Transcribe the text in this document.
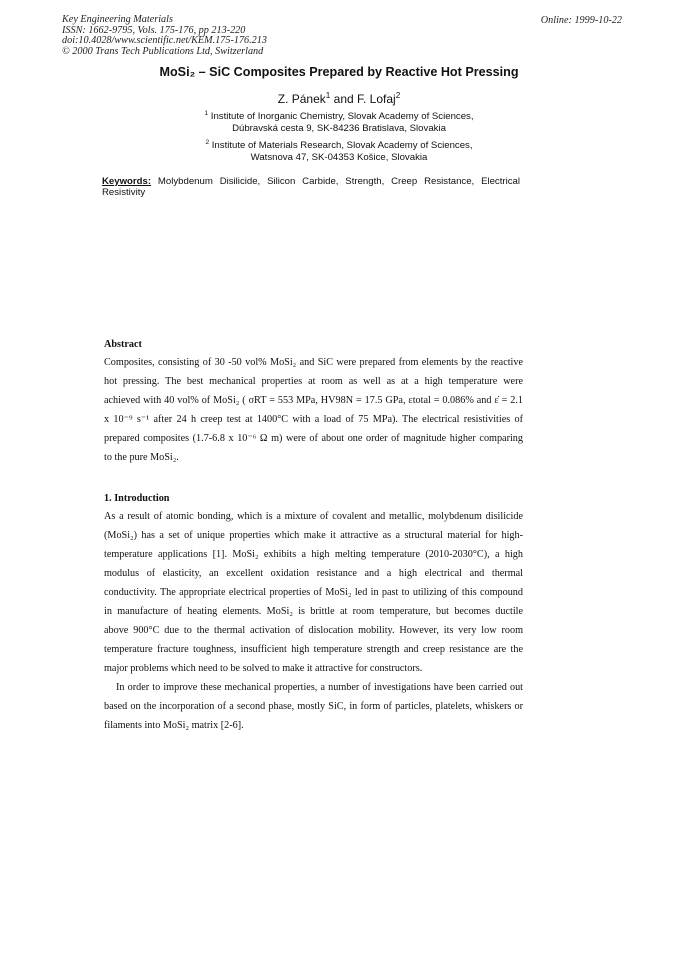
Key Engineering Materials
ISSN: 1662-9795, Vols. 175-176, pp 213-220
doi:10.4028/www.scientific.net/KEM.175-176.213
© 2000 Trans Tech Publications Ltd, Switzerland
Online: 1999-10-22
MoSi₂ – SiC Composites Prepared by Reactive Hot Pressing
Z. Pánek$^1$ and F. Lofaj$^2$
$^1$ Institute of Inorganic Chemistry, Slovak Academy of Sciences,
Dúbravská cesta 9, SK-84236 Bratislava, Slovakia
$^2$ Institute of Materials Research, Slovak Academy of Sciences,
Watsnova 47, SK-04353 Košice, Slovakia
Keywords: Molybdenum Disilicide, Silicon Carbide, Strength, Creep Resistance, Electrical
Resistivity
Abstract
Composites, consisting of 30 -50 vol% MoSi₂ and SiC were prepared from elements by the reactive
hot pressing. The best mechanical properties at room as well as at a high temperature were
achieved with 40 vol% of MoSi₂ ( σRT = 553 MPa, HV98N = 17.5 GPa, εtotal = 0.086% and ε̇ = 2.1
x 10⁻⁹ s⁻¹ after 24 h creep test at 1400°C with a load of 75 MPa). The electrical resistivities of
prepared composites (1.7-6.8 x 10⁻⁶ Ω m) were of about one order of magnitude higher comparing
to the pure MoSi₂.
1. Introduction
As a result of atomic bonding, which is a mixture of covalent and metallic, molybdenum disilicide
(MoSi₂) has a set of unique properties which make it attractive as a structural material for high-
temperature applications [1]. MoSi₂ exhibits a high melting temperature (2010-2030°C), a high
modulus of elasticity, an excellent oxidation resistance and a high electrical and thermal
conductivity. The appropriate electrical properties of MoSi₂ led in past to utilizing of this compound
in manufacture of heating elements. MoSi₂ is brittle at room temperature, but becomes ductile
above 900°C due to the thermal activation of dislocation mobility. However, its very low room
temperature fracture toughness, insufficient high temperature strength and creep resistance are the
major problems which need to be solved to make it attractive for constructors.
In order to improve these mechanical properties, a number of investigations have been carried out
based on the incorporation of a second phase, mostly SiC, in form of particles, platelets, whiskers or
filaments into MoSi₂ matrix [2-6].
